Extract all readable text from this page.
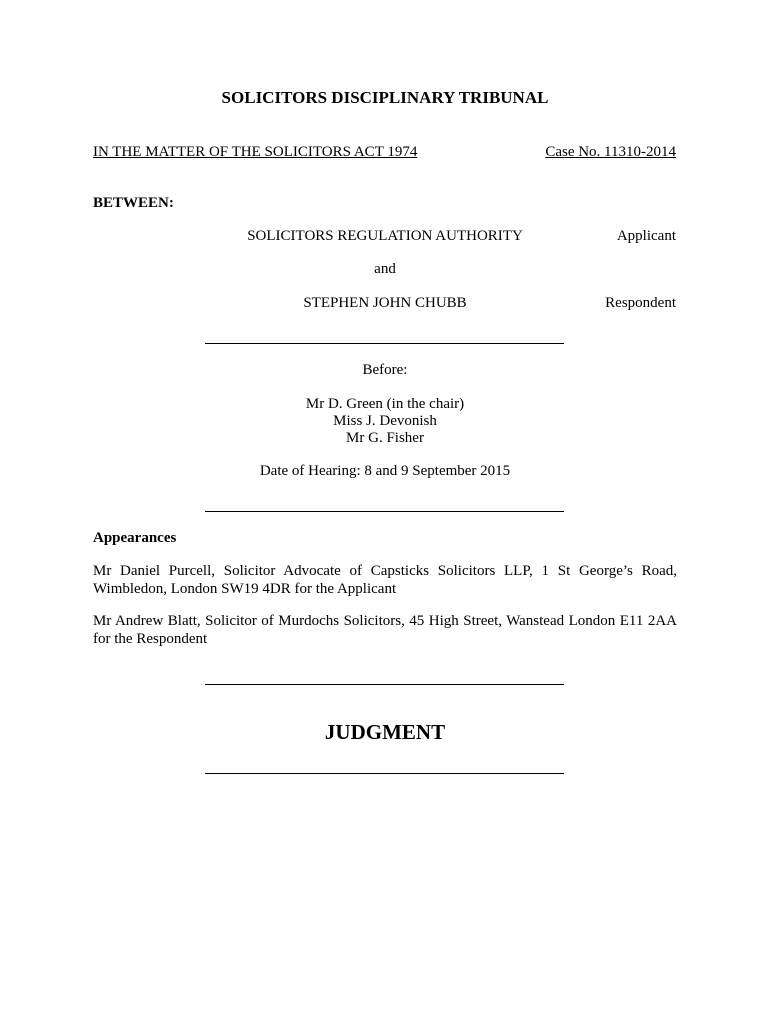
SOLICITORS DISCIPLINARY TRIBUNAL
IN THE MATTER OF THE SOLICITORS ACT 1974	Case No. 11310-2014
BETWEEN:
SOLICITORS REGULATION AUTHORITY	Applicant
and
STEPHEN JOHN CHUBB	Respondent
Before:
Mr D. Green (in the chair)
Miss J. Devonish
Mr G. Fisher
Date of Hearing: 8 and 9 September 2015
Appearances
Mr Daniel Purcell, Solicitor Advocate of Capsticks Solicitors LLP, 1 St George’s Road, Wimbledon, London SW19 4DR for the Applicant
Mr Andrew Blatt, Solicitor of Murdochs Solicitors, 45 High Street, Wanstead London E11 2AA for the Respondent
JUDGMENT
